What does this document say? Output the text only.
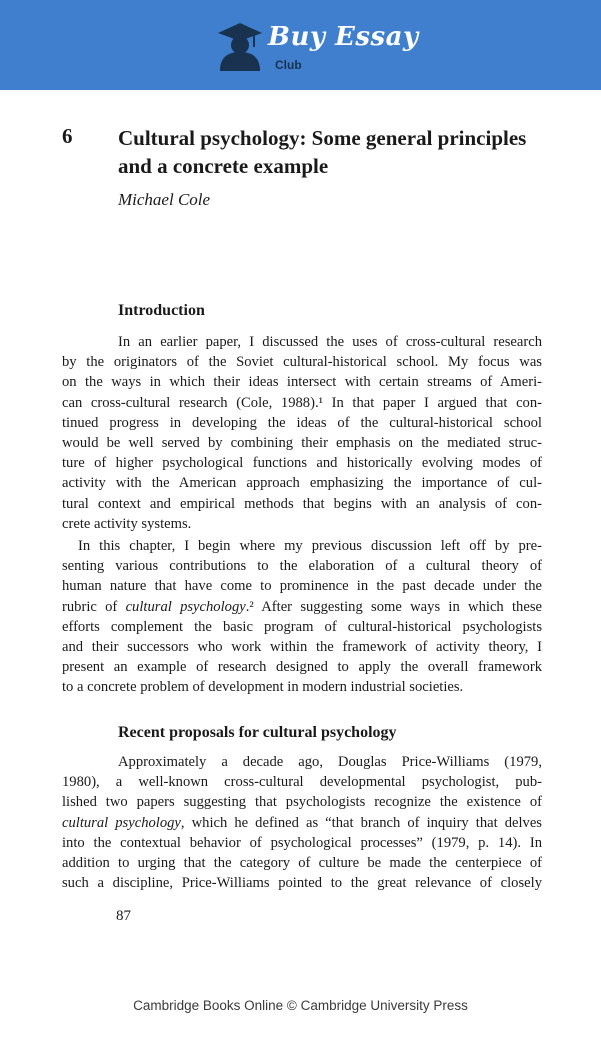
Buy Essay
Club
6 Cultural psychology: Some general principles and a concrete example
Michael Cole
Introduction
In an earlier paper, I discussed the uses of cross-cultural research
by the originators of the Soviet cultural-historical school. My focus was
on the ways in which their ideas intersect with certain streams of Ameri-
can cross-cultural research (Cole, 1988).¹ In that paper I argued that con-
tinued progress in developing the ideas of the cultural-historical school
would be well served by combining their emphasis on the mediated struc-
ture of higher psychological functions and historically evolving modes of
activity with the American approach emphasizing the importance of cul-
tural context and empirical methods that begins with an analysis of con-
crete activity systems.
In this chapter, I begin where my previous discussion left off by pre-
senting various contributions to the elaboration of a cultural theory of
human nature that have come to prominence in the past decade under the
rubric of cultural psychology.² After suggesting some ways in which these
efforts complement the basic program of cultural-historical psychologists
and their successors who work within the framework of activity theory, I
present an example of research designed to apply the overall framework
to a concrete problem of development in modern industrial societies.
Recent proposals for cultural psychology
Approximately a decade ago, Douglas Price-Williams (1979,
1980), a well-known cross-cultural developmental psychologist, pub-
lished two papers suggesting that psychologists recognize the existence of
cultural psychology, which he defined as “that branch of inquiry that delves
into the contextual behavior of psychological processes” (1979, p. 14). In
addition to urging that the category of culture be made the centerpiece of
such a discipline, Price-Williams pointed to the great relevance of closely
87
Cambridge Books Online © Cambridge University Press
